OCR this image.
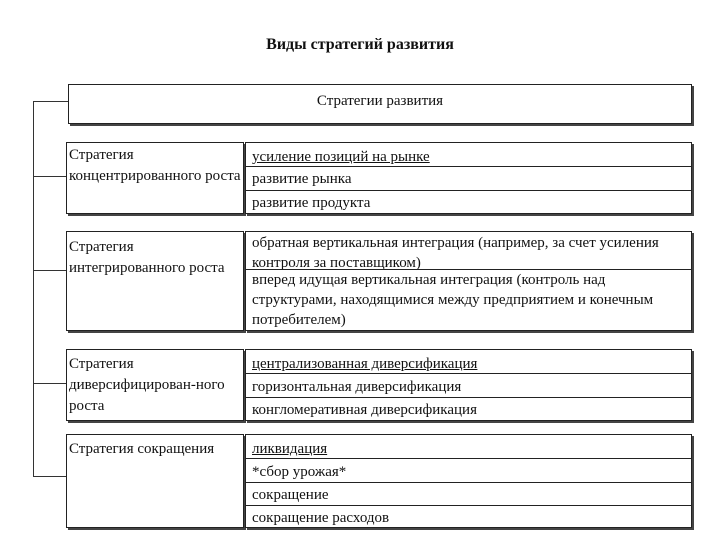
Виды стратегий развития
Стратегии развития
Стратегия концентрированного роста
усиление позиций на рынке
развитие рынка
развитие продукта
Стратегия интегрированного роста
обратная вертикальная интеграция (например, за счет усиления контроля за поставщиком)
вперед идущая вертикальная интеграция (контроль над структурами, находящимися между предприятием и конечным потребителем)
Стратегия диверсифицирован-ного роста
централизованная диверсификация
горизонтальная диверсификация
конгломеративная диверсификация
Стратегия сокращения	ликвидация
*сбор урожая*
сокращение
сокращение расходов
